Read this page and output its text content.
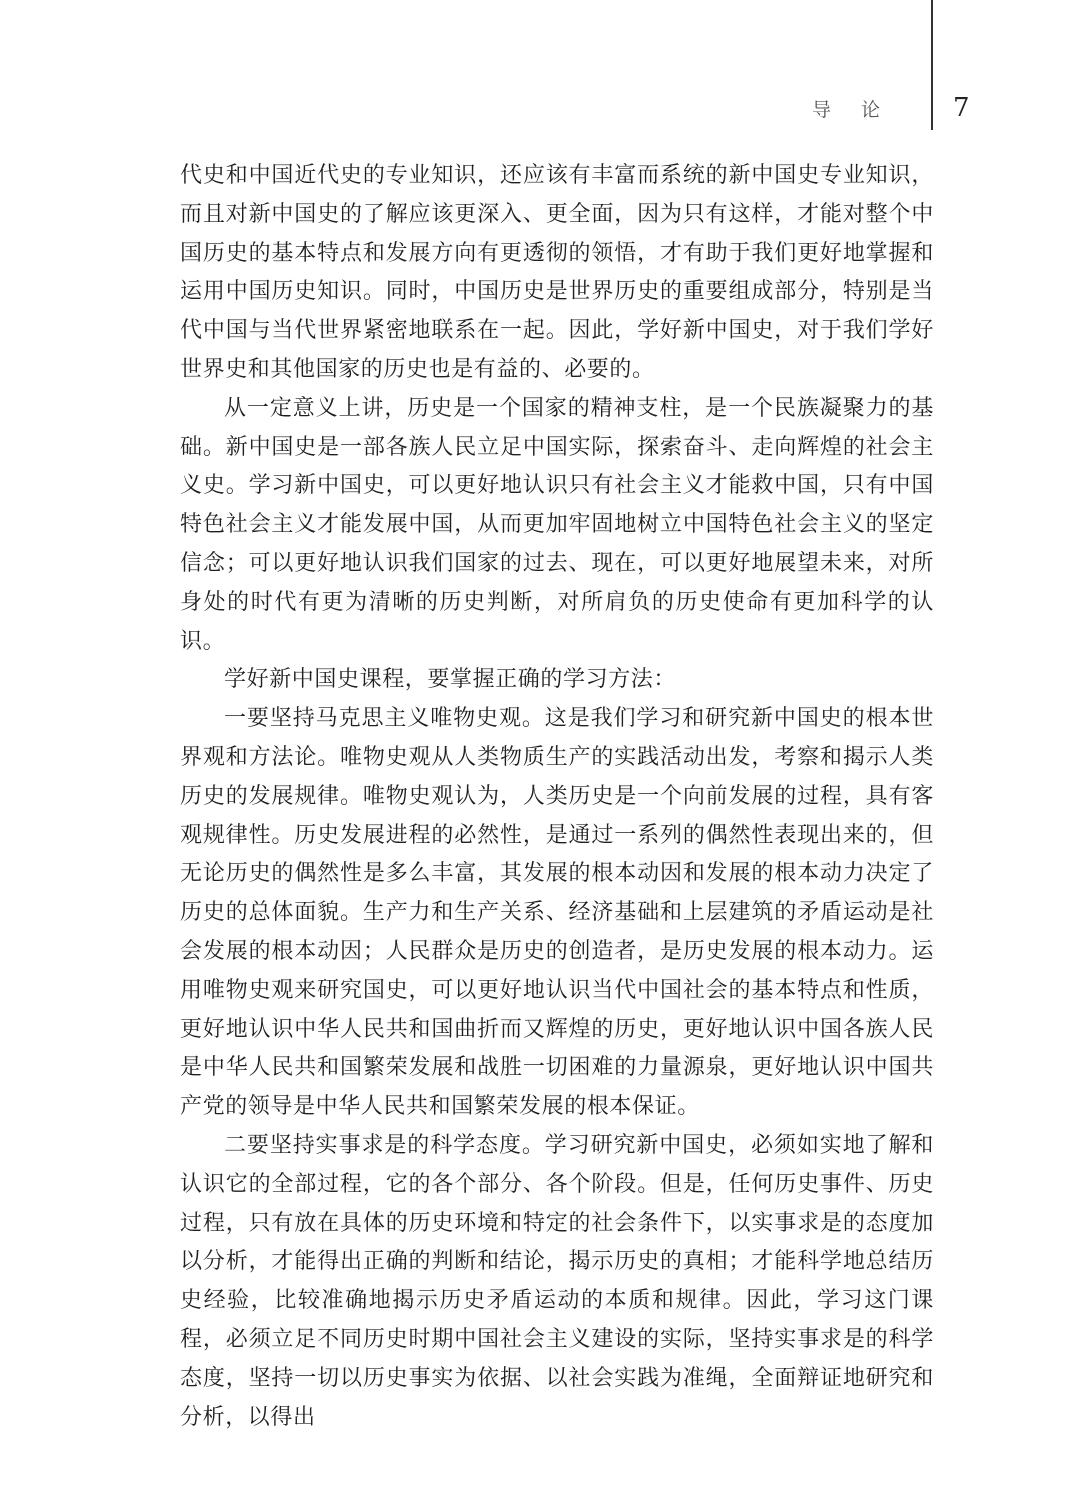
导论 7

代史和中国近代史的专业知识，还应该有丰富而系统的新中国史专业知识，而且对新中国史的了解应该更深入、更全面，因为只有这样，才能对整个中国历史的基本特点和发展方向有更透彻的领悟，才有助于我们更好地掌握和运用中国历史知识。同时，中国历史是世界历史的重要组成部分，特别是当代中国与当代世界紧密地联系在一起。因此，学好新中国史，对于我们学好世界史和其他国家的历史也是有益的、必要的。

从一定意义上讲，历史是一个国家的精神支柱，是一个民族凝聚力的基础。新中国史是一部各族人民立足中国实际，探索奋斗、走向辉煌的社会主义史。学习新中国史，可以更好地认识只有社会主义才能救中国，只有中国特色社会主义才能发展中国，从而更加牢固地树立中国特色社会主义的坚定信念；可以更好地认识我们国家的过去、现在，可以更好地展望未来，对所身处的时代有更为清晰的历史判断，对所肩负的历史使命有更加科学的认识。

学好新中国史课程，要掌握正确的学习方法：

一要坚持马克思主义唯物史观。这是我们学习和研究新中国史的根本世界观和方法论。唯物史观从人类物质生产的实践活动出发，考察和揭示人类历史的发展规律。唯物史观认为，人类历史是一个向前发展的过程，具有客观规律性。历史发展进程的必然性，是通过一系列的偶然性表现出来的，但无论历史的偶然性是多么丰富，其发展的根本动因和发展的根本动力决定了历史的总体面貌。生产力和生产关系、经济基础和上层建筑的矛盾运动是社会发展的根本动因；人民群众是历史的创造者，是历史发展的根本动力。运用唯物史观来研究国史，可以更好地认识当代中国社会的基本特点和性质，更好地认识中华人民共和国曲折而又辉煌的历史，更好地认识中国各族人民是中华人民共和国繁荣发展和战胜一切困难的力量源泉，更好地认识中国共产党的领导是中华人民共和国繁荣发展的根本保证。

二要坚持实事求是的科学态度。学习研究新中国史，必须如实地了解和认识它的全部过程，它的各个部分、各个阶段。但是，任何历史事件、历史过程，只有放在具体的历史环境和特定的社会条件下，以实事求是的态度加以分析，才能得出正确的判断和结论，揭示历史的真相；才能科学地总结历史经验，比较准确地揭示历史矛盾运动的本质和规律。因此，学习这门课程，必须立足不同历史时期中国社会主义建设的实际，坚持实事求是的科学态度，坚持一切以历史事实为依据、以社会实践为准绳，全面辩证地研究和分析，以得出
